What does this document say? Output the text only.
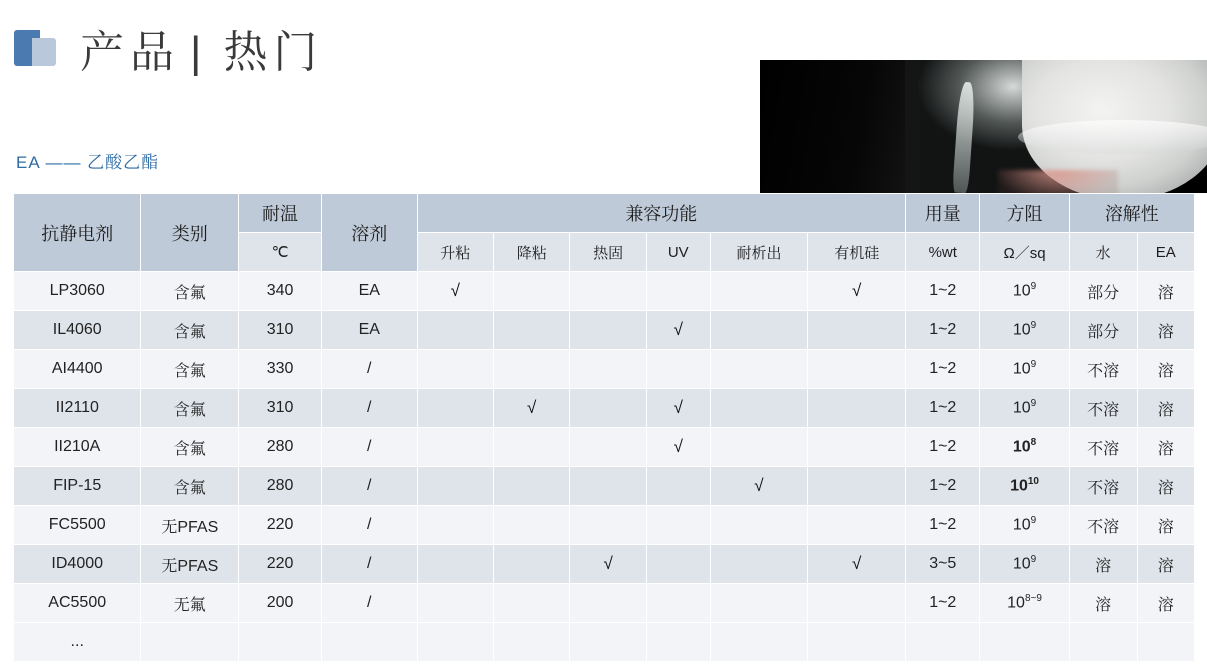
产品 | 热门
EA —— 乙酸乙酯
抗静电剂	类别	耐温	溶剂	兼容功能						用量	方阻	溶解性	
		℃		升粘	降粘	热固	UV	耐析出	有机硅	%wt	Ω／sq	水	EA
LP3060	含氟	340	EA	√					√	1~2	$10^9$	部分	溶
IL4060	含氟	310	EA				√			1~2	$10^9$	部分	溶
AI4400	含氟	330	/							1~2	$10^9$	不溶	溶
II2110	含氟	310	/		√		√			1~2	$10^9$	不溶	溶
II210A	含氟	280	/				√			1~2	$10^8$	不溶	溶
FIP-15	含氟	280	/					√		1~2	$10^{10}$	不溶	溶
FC5500	无PFAS	220	/							1~2	$10^9$	不溶	溶
ID4000	无PFAS	220	/			√			√	3~5	$10^9$	溶	溶
AC5500	无氟	200	/							1~2	$10^{8\sim 9}$	溶	溶
...													
